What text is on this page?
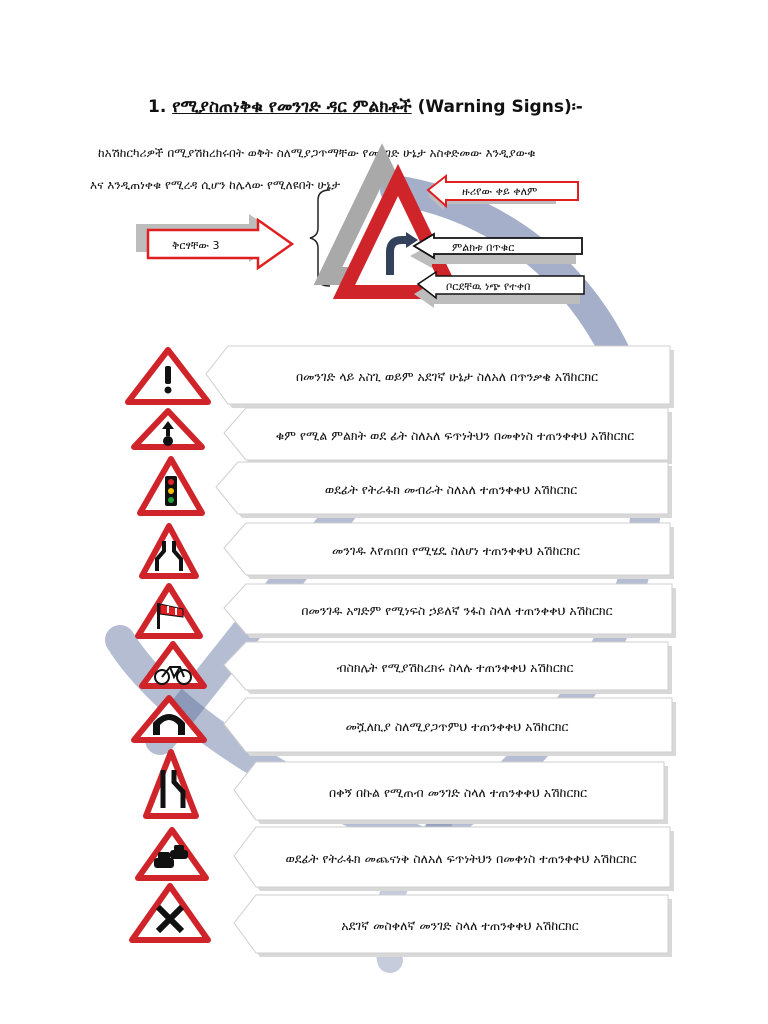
1. የሚያስጠነቅቁ የመንገድ ዳር ምልክቶች (Warning Signs)፡-
ከአሽከርካሪዎች በሚያሽከረክሩበት ወቅት ስለሚያጋጥማቸው የመንገድ ሁኔታ አስቀድመው እንዲያውቁ
እና እንዲጠነቀቁ የሚረዳ ሲሆን ከሌላው የሚለዩበት ሁኔታ
ቅርፃቸው 3
ዙሪየው ቀይ ቀለም
ምልክቱ በጥቁር
ቦርደቸዉ ነጭ የተቀበ
በመንገድ ላይ አስጊ ወይም አደገኛ ሁኔታ ስለአለ በጥንቃቄ አሽከርክር
ቁም የሚል ምልክት ወደ ፊት ስለአለ ፍጥነትህን በመቀነስ ተጠንቀቀህ አሽከርክር
ወደፊት የትራፋክ መብራት ስለአለ ተጠንቀቀህ አሽከርክር
መንገዱ እየጠበበ የሚሄዴ ስለሆነ ተጠንቀቀህ አሽከርክር
በመንገዱ አግድም የሚነፍስ ኃይለኛ ንፋስ ስላለ ተጠንቀቀህ አሽከርክር
ብስክሌት የሚያሽከረክሩ ስላሉ ተጠንቀቀህ አሽከርክር
መሿለኪያ ስለሚያጋጥምህ ተጠንቀቀህ አሽከርክር
በቀኝ በኩል የሚጠብ መንገድ ስላለ ተጠንቀቀህ አሽከርክር
ወደፊት የትራፋክ መጨናነቅ ስለአለ ፍጥነትህን በመቀነስ ተጠንቀቀህ አሽከርክር
አደገኛ መስቀለኛ መንገድ ስላለ ተጠንቀቀህ አሽከርክር
